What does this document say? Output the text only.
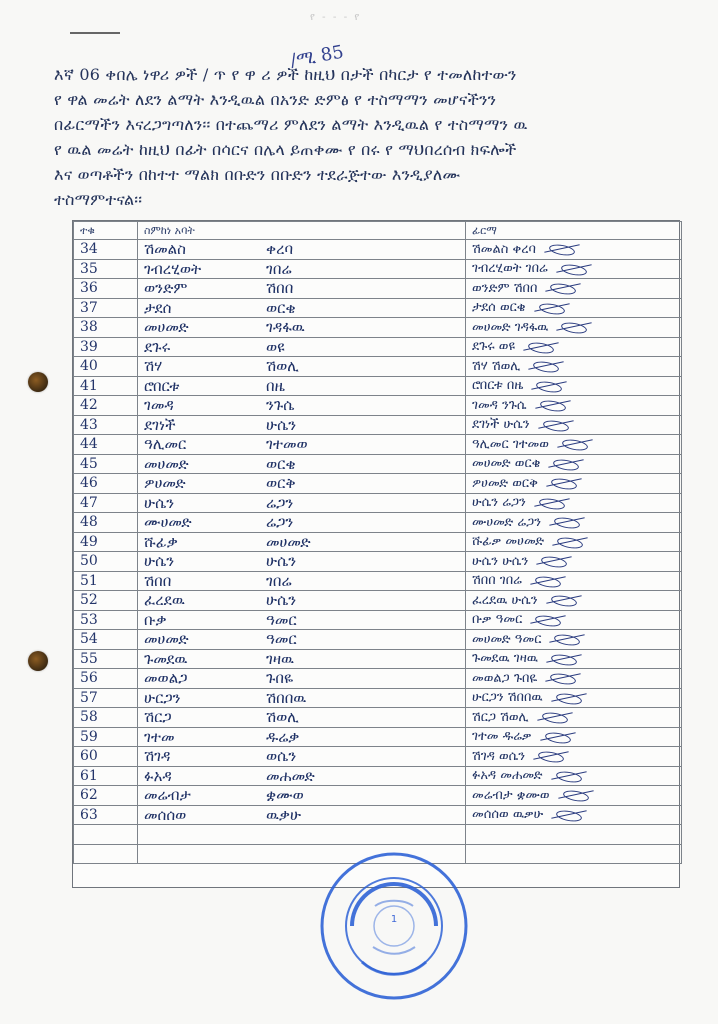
የ ‐ ‐ ‐ የ
/ሚ 85
እኛ 06 ቀበሌ ነዋሪ ዎች / ጥ የ ዋ ሪ ዎች ከዚህ በታች በካርታ የ ተመለከተውን
የ ዋል መሬት ለደን ልማት እንዲዉል በአንድ ድምፅ የ ተስማማን መሆናችንን
በፊርማችን እናረጋግጣለን፡፡ በተጨማሪ ምለደን ልማት እንዲዉል የ ተስማማን ዉ
የ ዉል መሬት ከዚህ በፊት በሳርና በሌላ ይጠቀሙ የ በሩ የ ማህበረሰብ ክፍሎች
እና ወጣቶችን በከተተ ማልክ በቡድን በቡድን ተደራጅተው እንዲያለሙ
ተስማምተናል፡፡
ተቁ	ስምከነ አባት	ፊርማ
34	ሽመልስ ቀረባ	ሽመልስ ቀረባ
35	ገብረሂወት ገበሬ	ገብረሂወት ገበሬ
36	ወንድም ሽበበ	ወንድም ሽበበ
37	ታደሰ ወርቄ	ታደሰ ወርቄ
38	መሀመድ ገዳፋዉ	መሀመድ ገዳፋዉ
39	ደጉሩ ወዩ	ደጉሩ ወዩ
40	ሽሃ ሽወሊ	ሽሃ ሽወሊ
41	ሮበርቱ በዜ	ሮበርቱ በዜ
42	ገመዳ ንጉሴ	ገመዳ ንጉሴ
43	ደገነች ሁሴን	ደገነች ሁሴን
44	ዓሊመር ገተመወ	ዓሊመር ገተመወ
45	መሀመድ ወርቄ	መሀመድ ወርቄ
46	ዎሀመድ ወርቅ	ዎሀመድ ወርቅ
47	ሁሴን ሬጋን	ሁሴን ሬጋን
48	ሙሀመድ ሬጋን	ሙሀመድ ሬጋን
49	ሹፊቃ መሀመድ	ሹፊቃ መሀመድ
50	ሁሴን ሁሴን	ሁሴን ሁሴን
51	ሽበበ ገበሬ	ሽበበ ገበሬ
52	ፈረደዉ ሁሴን	ፈረደዉ ሁሴን
53	ቡቃ ዓመር	ቡቃ ዓመር
54	መሀመድ ዓመር	መሀመድ ዓመር
55	ጉመደዉ ገዛዉ	ጉመደዉ ገዛዉ
56	መወልጋ ጉበዬ	መወልጋ ጉበዬ
57	ሁርጋን ሽበበዉ	ሁርጋን ሽበበዉ
58	ሽርጋ ሽወሊ	ሽርጋ ሽወሊ
59	ገተመ ዱሬቃ	ገተመ ዱሬቃ
60	ሽገዳ ወሴን	ሽገዳ ወሴን
61	ፉአዳ መሐመድ	ፉአዳ መሐመድ
62	መሬብታ ቋሙወ	መሬብታ ቋሙወ
63	መሰሰወ ዉቃሁ	መሰሰወ ዉቃሁ

1
